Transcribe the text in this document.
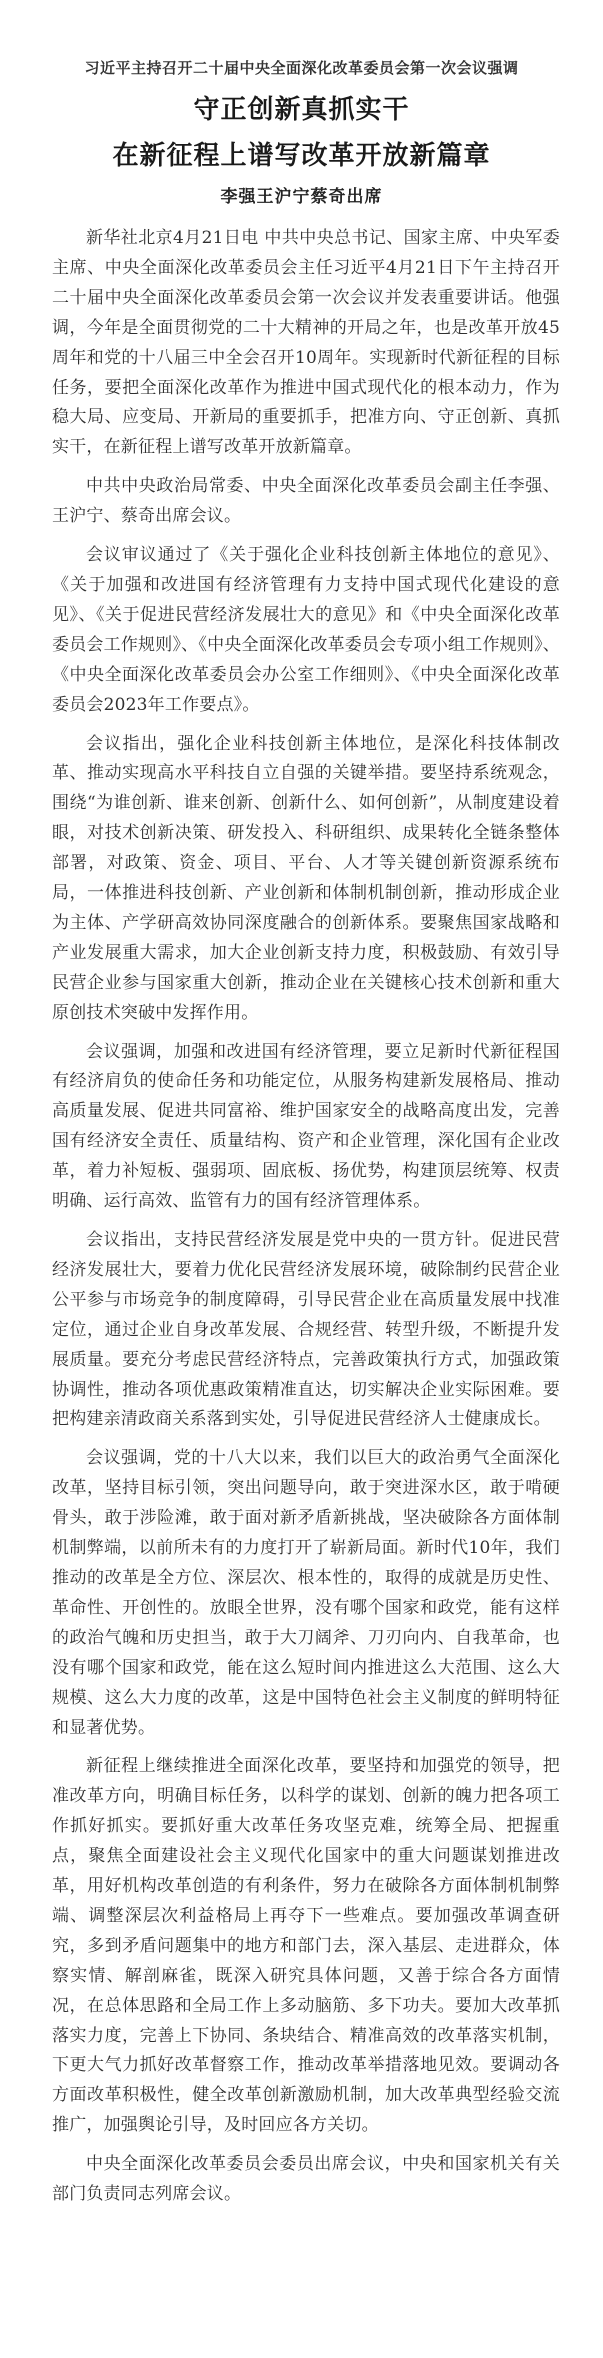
习近平主持召开二十届中央全面深化改革委员会第一次会议强调
守正创新真抓实干
在新征程上谱写改革开放新篇章
李强王沪宁蔡奇出席

新华社北京4月21日电 中共中央总书记、国家主席、中央军委主席、中央全面深化改革委员会主任习近平4月21日下午主持召开二十届中央全面深化改革委员会第一次会议并发表重要讲话。他强调，今年是全面贯彻党的二十大精神的开局之年，也是改革开放45周年和党的十八届三中全会召开10周年。实现新时代新征程的目标任务，要把全面深化改革作为推进中国式现代化的根本动力，作为稳大局、应变局、开新局的重要抓手，把准方向、守正创新、真抓实干，在新征程上谱写改革开放新篇章。

中共中央政治局常委、中央全面深化改革委员会副主任李强、王沪宁、蔡奇出席会议。

会议审议通过了《关于强化企业科技创新主体地位的意见》、《关于加强和改进国有经济管理有力支持中国式现代化建设的意见》、《关于促进民营经济发展壮大的意见》和《中央全面深化改革委员会工作规则》、《中央全面深化改革委员会专项小组工作规则》、《中央全面深化改革委员会办公室工作细则》、《中央全面深化改革委员会2023年工作要点》。

会议指出，强化企业科技创新主体地位，是深化科技体制改革、推动实现高水平科技自立自强的关键举措。要坚持系统观念，围绕“为谁创新、谁来创新、创新什么、如何创新”，从制度建设着眼，对技术创新决策、研发投入、科研组织、成果转化全链条整体部署，对政策、资金、项目、平台、人才等关键创新资源系统布局，一体推进科技创新、产业创新和体制机制创新，推动形成企业为主体、产学研高效协同深度融合的创新体系。要聚焦国家战略和产业发展重大需求，加大企业创新支持力度，积极鼓励、有效引导民营企业参与国家重大创新，推动企业在关键核心技术创新和重大原创技术突破中发挥作用。

会议强调，加强和改进国有经济管理，要立足新时代新征程国有经济肩负的使命任务和功能定位，从服务构建新发展格局、推动高质量发展、促进共同富裕、维护国家安全的战略高度出发，完善国有经济安全责任、质量结构、资产和企业管理，深化国有企业改革，着力补短板、强弱项、固底板、扬优势，构建顶层统筹、权责明确、运行高效、监管有力的国有经济管理体系。

会议指出，支持民营经济发展是党中央的一贯方针。促进民营经济发展壮大，要着力优化民营经济发展环境，破除制约民营企业公平参与市场竞争的制度障碍，引导民营企业在高质量发展中找准定位，通过企业自身改革发展、合规经营、转型升级，不断提升发展质量。要充分考虑民营经济特点，完善政策执行方式，加强政策协调性，推动各项优惠政策精准直达，切实解决企业实际困难。要把构建亲清政商关系落到实处，引导促进民营经济人士健康成长。

会议强调，党的十八大以来，我们以巨大的政治勇气全面深化改革，坚持目标引领，突出问题导向，敢于突进深水区，敢于啃硬骨头，敢于涉险滩，敢于面对新矛盾新挑战，坚决破除各方面体制机制弊端，以前所未有的力度打开了崭新局面。新时代10年，我们推动的改革是全方位、深层次、根本性的，取得的成就是历史性、革命性、开创性的。放眼全世界，没有哪个国家和政党，能有这样的政治气魄和历史担当，敢于大刀阔斧、刀刃向内、自我革命，也没有哪个国家和政党，能在这么短时间内推进这么大范围、这么大规模、这么大力度的改革，这是中国特色社会主义制度的鲜明特征和显著优势。

新征程上继续推进全面深化改革，要坚持和加强党的领导，把准改革方向，明确目标任务，以科学的谋划、创新的魄力把各项工作抓好抓实。要抓好重大改革任务攻坚克难，统筹全局、把握重点，聚焦全面建设社会主义现代化国家中的重大问题谋划推进改革，用好机构改革创造的有利条件，努力在破除各方面体制机制弊端、调整深层次利益格局上再夺下一些难点。要加强改革调查研究，多到矛盾问题集中的地方和部门去，深入基层、走进群众，体察实情、解剖麻雀，既深入研究具体问题，又善于综合各方面情况，在总体思路和全局工作上多动脑筋、多下功夫。要加大改革抓落实力度，完善上下协同、条块结合、精准高效的改革落实机制，下更大气力抓好改革督察工作，推动改革举措落地见效。要调动各方面改革积极性，健全改革创新激励机制，加大改革典型经验交流推广，加强舆论引导，及时回应各方关切。

中央全面深化改革委员会委员出席会议，中央和国家机关有关部门负责同志列席会议。
